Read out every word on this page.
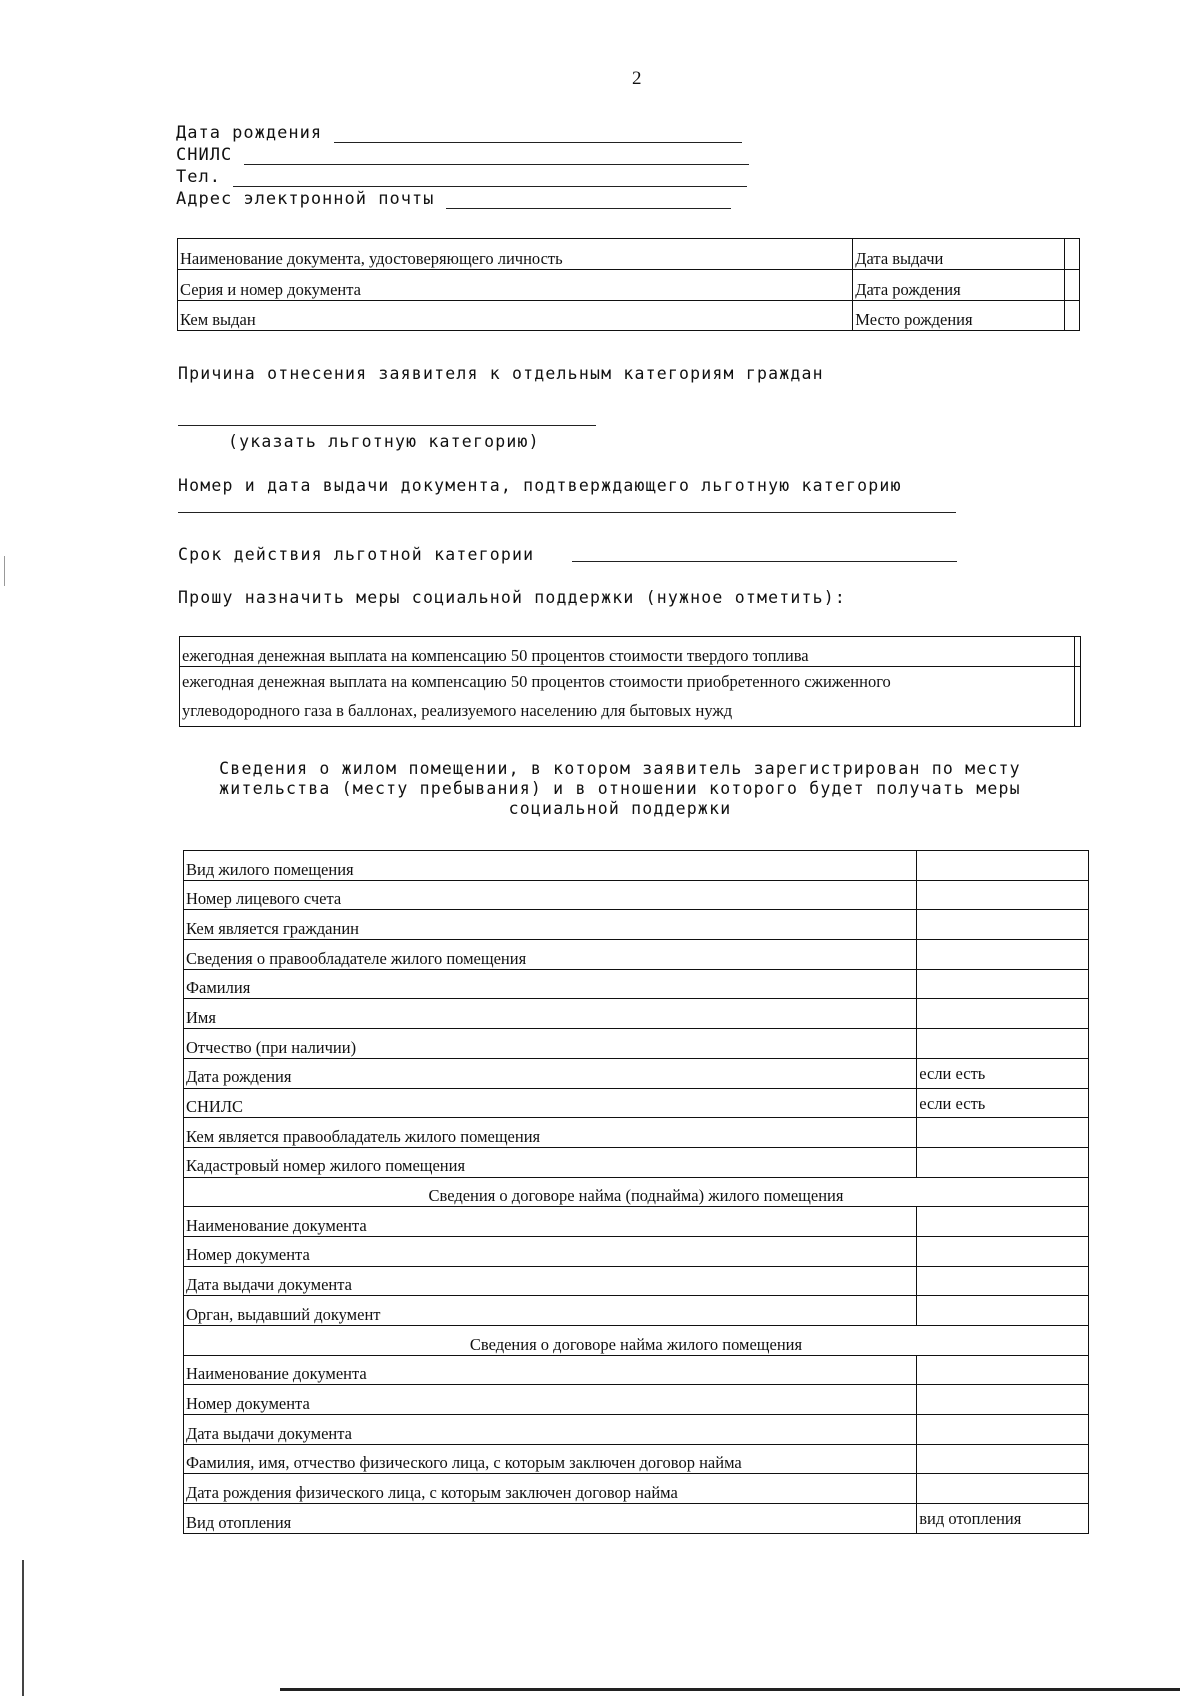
2
Дата рождения
СНИЛС
Тел.
Адрес электронной почты
Наименование документа, удостоверяющего личность	Дата выдачи	
Серия и номер документа	Дата рождения	
Кем выдан	Место рождения	
Причина отнесения заявителя к отдельным категориям граждан
(указать льготную категорию)
Номер и дата выдачи документа, подтверждающего льготную категорию
Срок действия льготной категории
Прошу назначить меры социальной поддержки (нужное отметить):
ежегодная денежная выплата на компенсацию 50 процентов стоимости твердого топлива	

ежегодная денежная выплата на компенсацию 50 процентов стоимости приобретенного сжиженного
углеводородного газа в баллонах, реализуемого населению для бытовых нужд	

Сведения о жилом помещении, в котором заявитель зарегистрирован по месту
жительства (месту пребывания) и в отношении которого будет получать меры
социальной поддержки
Вид жилого помещения	
Номер лицевого счета	
Кем является гражданин	
Сведения о правообладателе жилого помещения	
Фамилия	
Имя	
Отчество (при наличии)	
Дата рождения	если есть
СНИЛС	если есть
Кем является правообладатель жилого помещения	
Кадастровый номер жилого помещения	
Сведения о договоре найма (поднайма) жилого помещения	
Наименование документа	
Номер документа	
Дата выдачи документа	
Орган, выдавший документ	
Сведения о договоре найма жилого помещения	
Наименование документа	
Номер документа	
Дата выдачи документа	
Фамилия, имя, отчество физического лица, с которым заключен договор найма	
Дата рождения физического лица, с которым заключен договор найма	
Вид отопления	вид отопления
